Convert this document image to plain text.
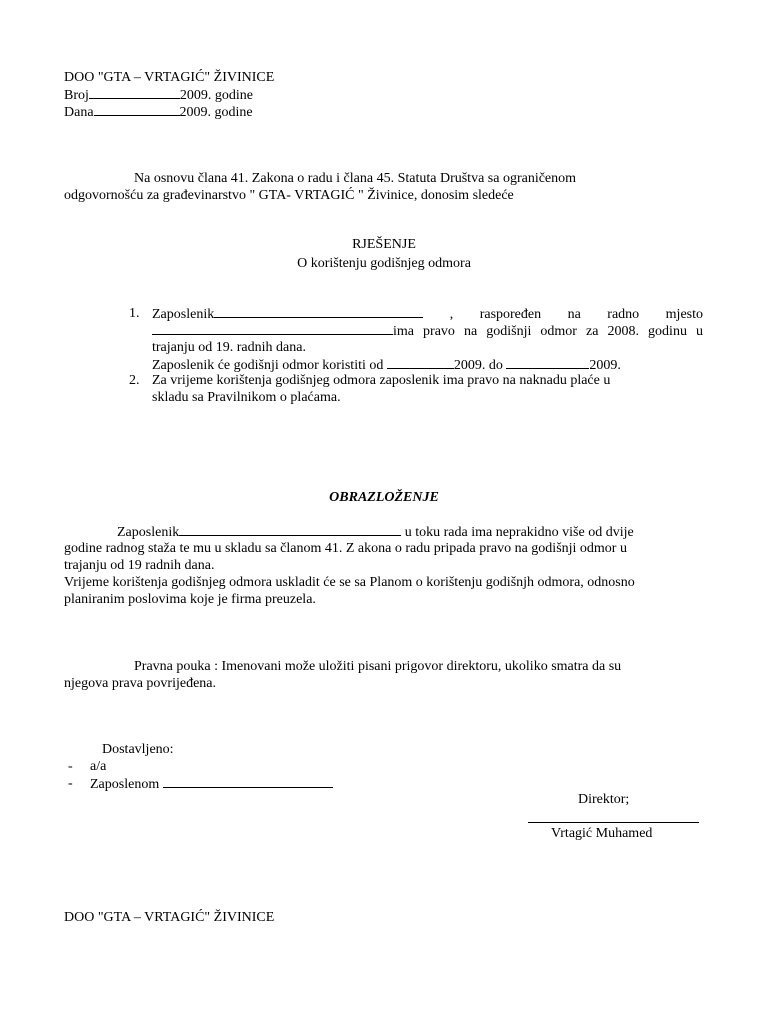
DOO "GTA – VRTAGIĆ" ŽIVINICE
Broj	2009. godine
Dana	2009. godine
Na osnovu člana 41. Zakona o radu i člana 45. Statuta Društva sa ograničenom
odgovornošću za građevinarstvo " GTA- VRTAGIĆ " Živinice, donosim sledeće
RJEŠENJE
O korištenju godišnjeg odmora
1. Zaposlenik	, raspoređen na radno mjesto
ima pravo na godišnji odmor za 2008. godinu u
trajanju od 19. radnih dana.
Zaposlenik će godišnji odmor koristiti od	2009. do	2009.
2. Za vrijeme korištenja godišnjeg odmora zaposlenik ima pravo na naknadu plaće u
skladu sa Pravilnikom o plaćama.
OBRAZLOŽENJE
Zaposlenik	u toku rada ima neprakidno više od dvije
godine radnog staža te mu u skladu sa članom 41. Z akona o radu pripada pravo na godišnji odmor u
trajanju od 19 radnih dana.
Vrijeme korištenja godišnjeg odmora uskladit će se sa Planom o korištenju godišnjh odmora, odnosno
planiranim poslovima koje je firma preuzela.
Pravna pouka : Imenovani može uložiti pisani prigovor direktoru, ukoliko smatra da su
njegova prava povrijeđena.
Dostavljeno:
- a/a
- Zaposlenom
Direktor;
Vrtagić Muhamed
DOO "GTA – VRTAGIĆ" ŽIVINICE
